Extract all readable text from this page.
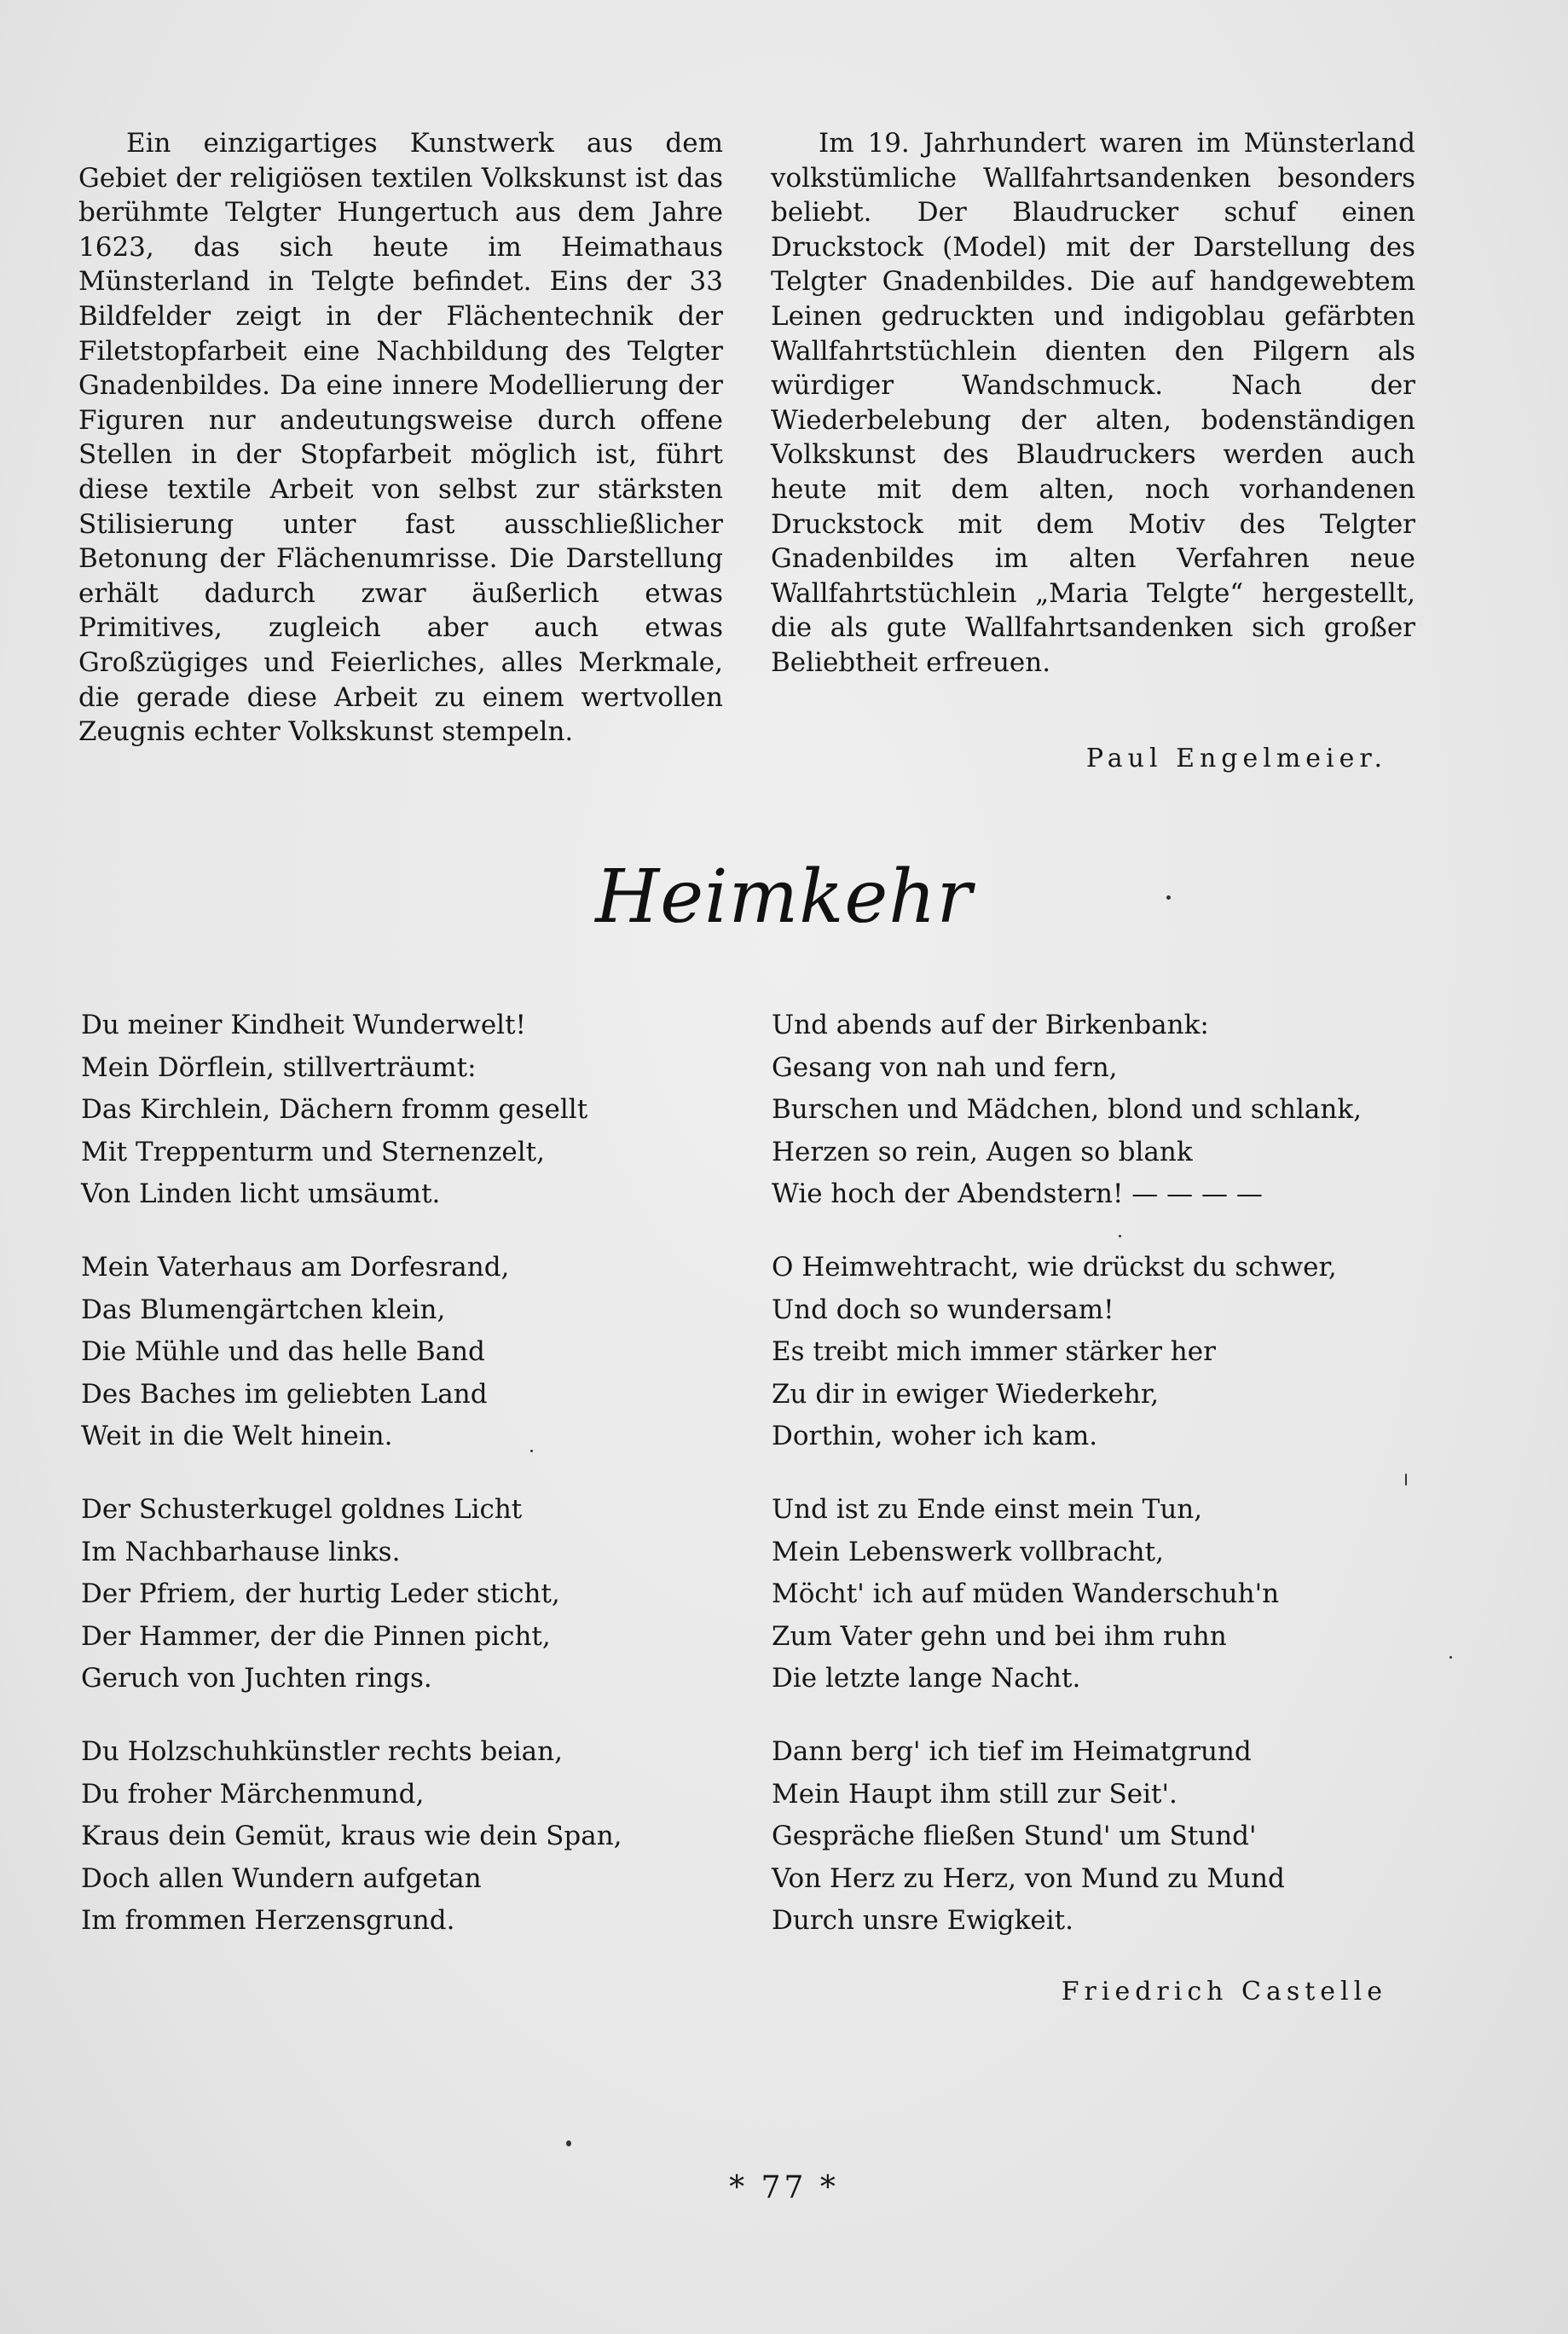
Ein einzigartiges Kunstwerk aus dem Gebiet der religiösen textilen Volkskunst ist das berühmte Telgter Hungertuch aus dem Jahre 1623, das sich heute im Heimathaus Münsterland in Telgte befindet. Eins der 33 Bildfelder zeigt in der Flächentechnik der Filetstopfarbeit eine Nachbildung des Telgter Gnadenbildes. Da eine innere Modellierung der Figuren nur andeutungsweise durch offene Stellen in der Stopfarbeit möglich ist, führt diese textile Arbeit von selbst zur stärksten Stilisierung unter fast ausschließlicher Betonung der Flächenumrisse. Die Darstellung erhält dadurch zwar äußerlich etwas Primitives, zugleich aber auch etwas Großzügiges und Feierliches, alles Merkmale, die gerade diese Arbeit zu einem wertvollen Zeugnis echter Volkskunst stempeln.

Im 19. Jahrhundert waren im Münsterland volkstümliche Wallfahrtsandenken besonders beliebt. Der Blaudrucker schuf einen Druckstock (Model) mit der Darstellung des Telgter Gnadenbildes. Die auf handgewebtem Leinen gedruckten und indigoblau gefärbten Wallfahrtstüchlein dienten den Pilgern als würdiger Wandschmuck. Nach der Wiederbelebung der alten, bodenständigen Volkskunst des Blaudruckers werden auch heute mit dem alten, noch vorhandenen Druckstock mit dem Motiv des Telgter Gnadenbildes im alten Verfahren neue Wallfahrtstüchlein „Maria Telgte“ hergestellt, die als gute Wallfahrtsandenken sich großer Beliebtheit erfreuen.

Paul Engelmeier.
Heimkehr
Du meiner Kindheit Wunderwelt!
Mein Dörflein, stillverträumt:
Das Kirchlein, Dächern fromm gesellt
Mit Treppenturm und Sternenzelt,
Von Linden licht umsäumt.
Mein Vaterhaus am Dorfesrand,
Das Blumengärtchen klein,
Die Mühle und das helle Band
Des Baches im geliebten Land
Weit in die Welt hinein.
Der Schusterkugel goldnes Licht
Im Nachbarhause links.
Der Pfriem, der hurtig Leder sticht,
Der Hammer, der die Pinnen picht,
Geruch von Juchten rings.
Du Holzschuhkünstler rechts beian,
Du froher Märchenmund,
Kraus dein Gemüt, kraus wie dein Span,
Doch allen Wundern aufgetan
Im frommen Herzensgrund.
Und abends auf der Birkenbank:
Gesang von nah und fern,
Burschen und Mädchen, blond und schlank,
Herzen so rein, Augen so blank
Wie hoch der Abendstern! — — — —
O Heimwehtracht, wie drückst du schwer,
Und doch so wundersam!
Es treibt mich immer stärker her
Zu dir in ewiger Wiederkehr,
Dorthin, woher ich kam.
Und ist zu Ende einst mein Tun,
Mein Lebenswerk vollbracht,
Möcht' ich auf müden Wanderschuh'n
Zum Vater gehn und bei ihm ruhn
Die letzte lange Nacht.
Dann berg' ich tief im Heimatgrund
Mein Haupt ihm still zur Seit'.
Gespräche fließen Stund' um Stund'
Von Herz zu Herz, von Mund zu Mund
Durch unsre Ewigkeit.
Friedrich Castelle
* 77 *
